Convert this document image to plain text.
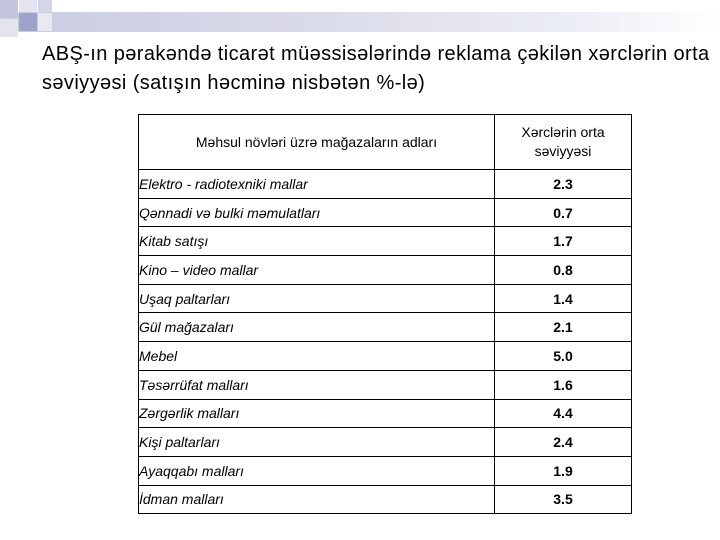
ABŞ-ın pərakəndə ticarət müəssisələrində reklama çəkilən xərclərin orta səviyyəsi (satışın həcminə nisbətən %-lə)
Məhsul növləri üzrə mağazaların adları	Xərclərin orta səviyyəsi
Elektro - radiotexniki mallar	2.3
Qənnadi və bulki məmulatları	0.7
Kitab satışı	1.7
Kino – video mallar	0.8
Uşaq paltarları	1.4
Gül mağazaları	2.1
Mebel	5.0
Təsərrüfat malları	1.6
Zərgərlik malları	4.4
Kişi paltarları	2.4
Ayaqqabı malları	1.9
İdman malları	3.5
